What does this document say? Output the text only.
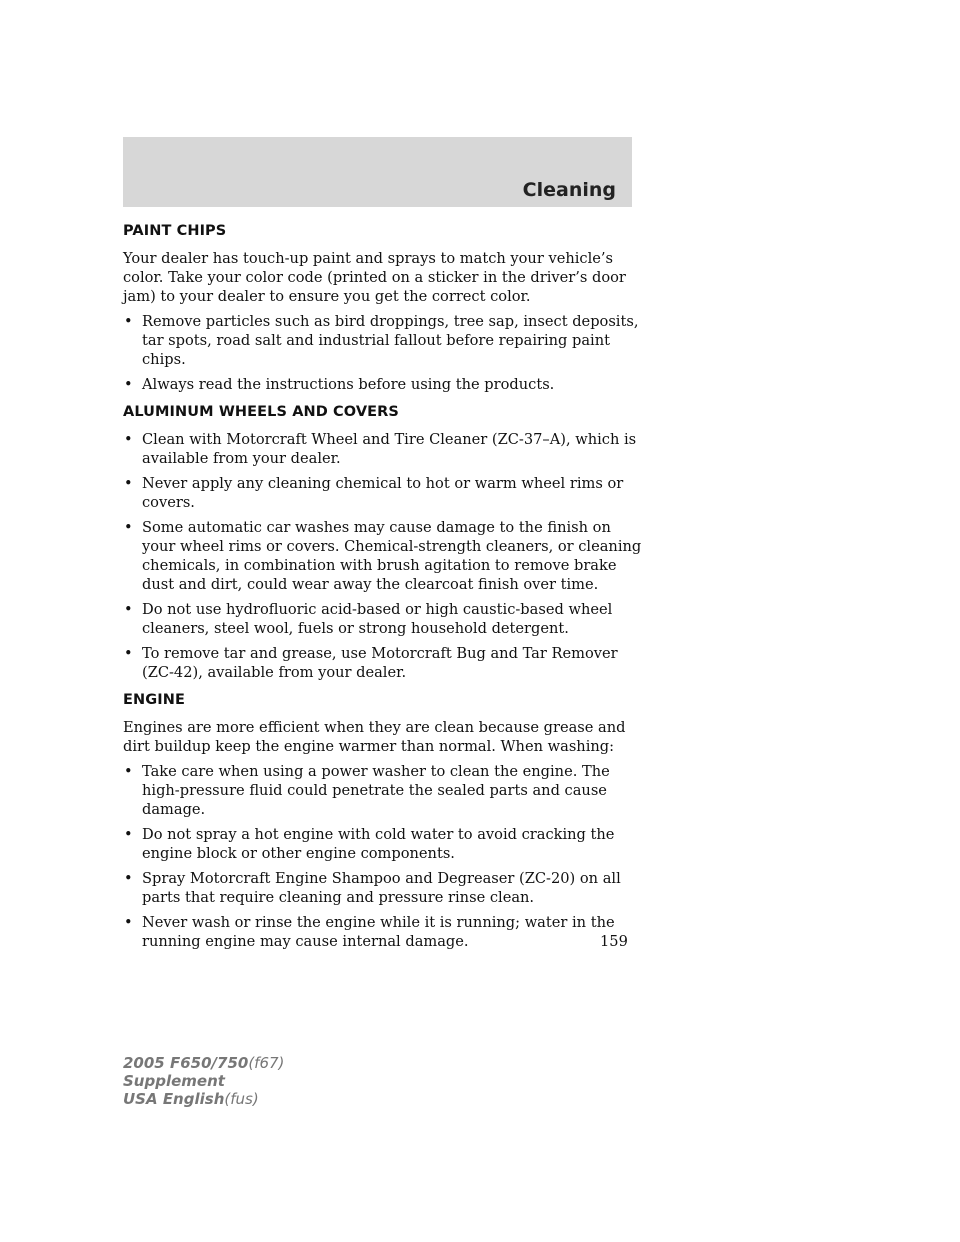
Cleaning
PAINT CHIPS

Your dealer has touch-up paint and sprays to match your vehicle’s color. Take your color code (printed on a sticker in the driver’s door jam) to your dealer to ensure you get the correct color.

• Remove particles such as bird droppings, tree sap, insect deposits, tar spots, road salt and industrial fallout before repairing paint chips.
• Always read the instructions before using the products.
ALUMINUM WHEELS AND COVERS
• Clean with Motorcraft Wheel and Tire Cleaner (ZC-37–A), which is available from your dealer.
• Never apply any cleaning chemical to hot or warm wheel rims or covers.
• Some automatic car washes may cause damage to the finish on your wheel rims or covers. Chemical-strength cleaners, or cleaning chemicals, in combination with brush agitation to remove brake dust and dirt, could wear away the clearcoat finish over time.
• Do not use hydrofluoric acid-based or high caustic-based wheel cleaners, steel wool, fuels or strong household detergent.
• To remove tar and grease, use Motorcraft Bug and Tar Remover (ZC-42), available from your dealer.
ENGINE

Engines are more efficient when they are clean because grease and dirt buildup keep the engine warmer than normal. When washing:

• Take care when using a power washer to clean the engine. The high-pressure fluid could penetrate the sealed parts and cause damage.
• Do not spray a hot engine with cold water to avoid cracking the engine block or other engine components.
• Spray Motorcraft Engine Shampoo and Degreaser (ZC-20) on all parts that require cleaning and pressure rinse clean.
• Never wash or rinse the engine while it is running; water in the running engine may cause internal damage.	159
2005 F650/750(f67)
Supplement
USA English(fus)
